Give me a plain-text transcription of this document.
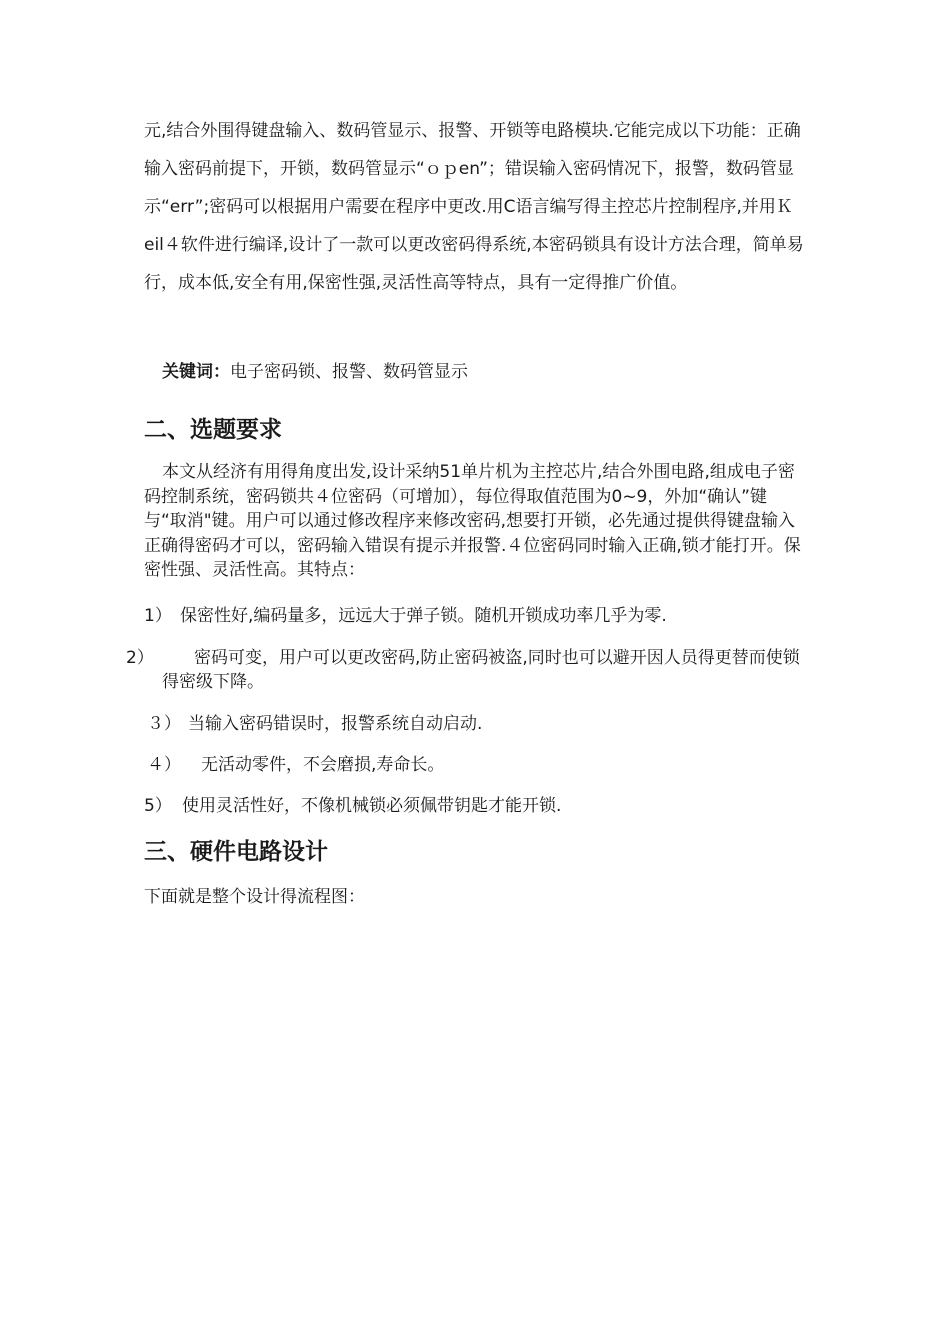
元,结合外围得键盘输入、数码管显示、报警、开锁等电路模块.它能完成以下功能：正确输入密码前提下，开锁，数码管显示“ｏｐen”；错误输入密码情况下，报警，数码管显示“err”;密码可以根据用户需要在程序中更改.用C语言编写得主控芯片控制程序,并用Ｋeil４软件进行编译,设计了一款可以更改密码得系统,本密码锁具有设计方法合理，简单易行，成本低,安全有用,保密性强,灵活性高等特点，具有一定得推广价值。

关键词：电子密码锁、报警、数码管显示

二、选题要求

本文从经济有用得角度出发,设计采纳51单片机为主控芯片,结合外围电路,组成电子密码控制系统，密码锁共４位密码（可增加），每位得取值范围为0~9，外加“确认”键与“取消"键。用户可以通过修改程序来修改密码,想要打开锁，必先通过提供得键盘输入正确得密码才可以，密码输入错误有提示并报警.４位密码同时输入正确,锁才能打开。保密性强、灵活性高。其特点：

1） 保密性好,编码量多，远远大于弹子锁。随机开锁成功率几乎为零.

2） 密码可变，用户可以更改密码,防止密码被盗,同时也可以避开因人员得更替而使锁得密级下降。

３） 当输入密码错误时，报警系统自动启动.

４） 无活动零件，不会磨损,寿命长。

5） 使用灵活性好，不像机械锁必须佩带钥匙才能开锁.

三、硬件电路设计

下面就是整个设计得流程图：
